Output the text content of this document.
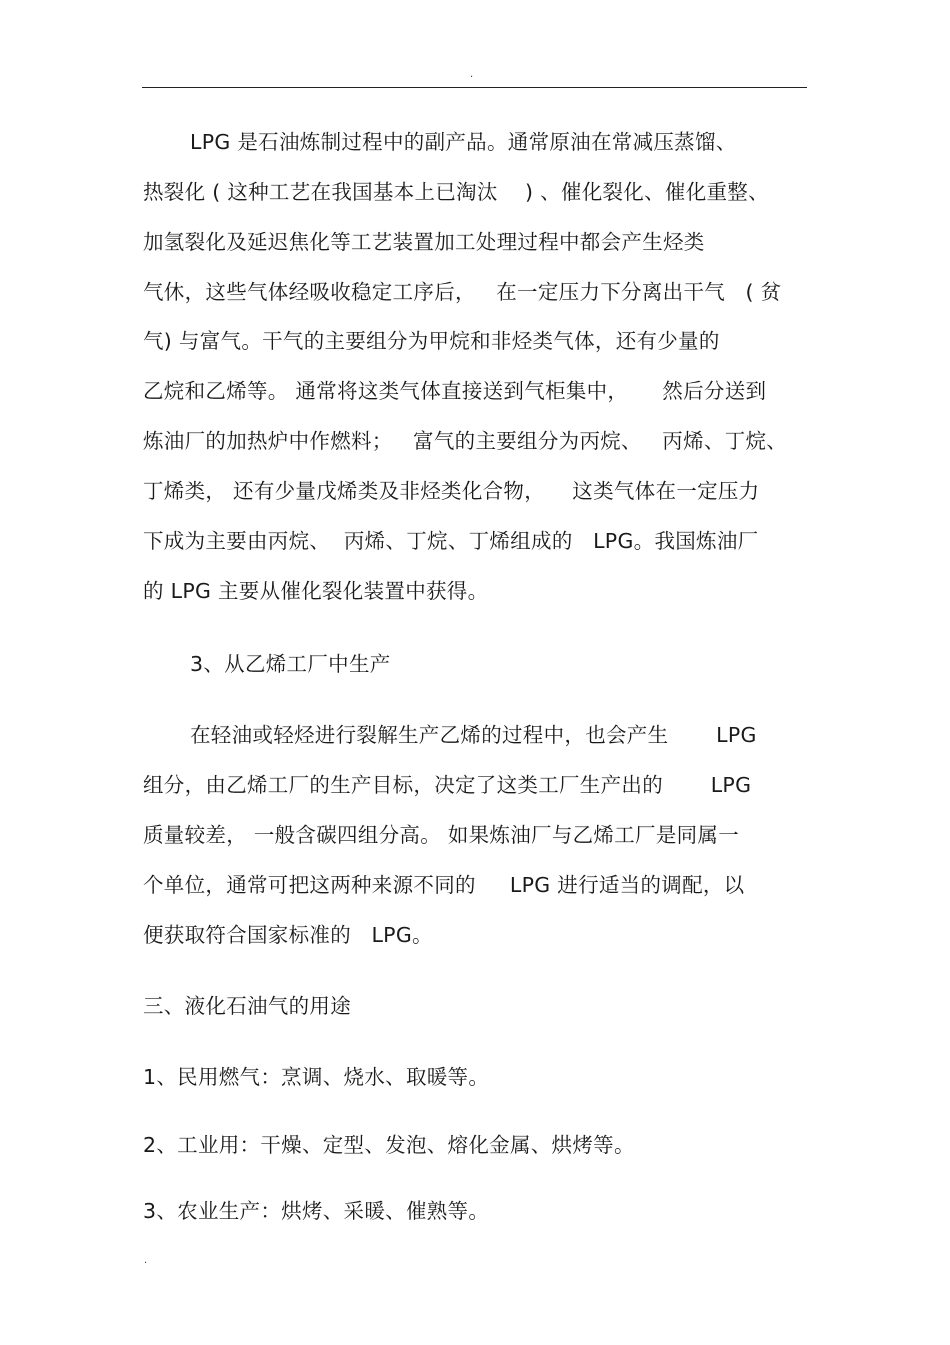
.
LPG 是石油炼制过程中的副产品。通常原油在常减压蒸馏、
热裂化 ( 这种工艺在我国基本上已淘汰    ) 、催化裂化、催化重整、
加氢裂化及延迟焦化等工艺装置加工处理过程中都会产生烃类
气休，这些气体经吸收稳定工序后，   在一定压力下分离出干气   ( 贫
气) 与富气。干气的主要组分为甲烷和非烃类气体，还有少量的
乙烷和乙烯等。 通常将这类气体直接送到气柜集中，     然后分送到
炼油厂的加热炉中作燃料；   富气的主要组分为丙烷、   丙烯、丁烷、
丁烯类， 还有少量戊烯类及非烃类化合物，    这类气体在一定压力
下成为主要由丙烷、  丙烯、丁烷、丁烯组成的   LPG。我国炼油厂
的 LPG 主要从催化裂化装置中获得。
3、从乙烯工厂中生产
在轻油或轻烃进行裂解生产乙烯的过程中，也会产生       LPG
组分，由乙烯工厂的生产目标，决定了这类工厂生产出的       LPG
质量较差， 一般含碳四组分高。 如果炼油厂与乙烯工厂是同属一
个单位，通常可把这两种来源不同的     LPG 进行适当的调配，以
便获取符合国家标准的   LPG。
三、液化石油气的用途
1、民用燃气：烹调、烧水、取暖等。
2、工业用：干燥、定型、发泡、熔化金属、烘烤等。
3、农业生产：烘烤、采暖、催熟等。
.
